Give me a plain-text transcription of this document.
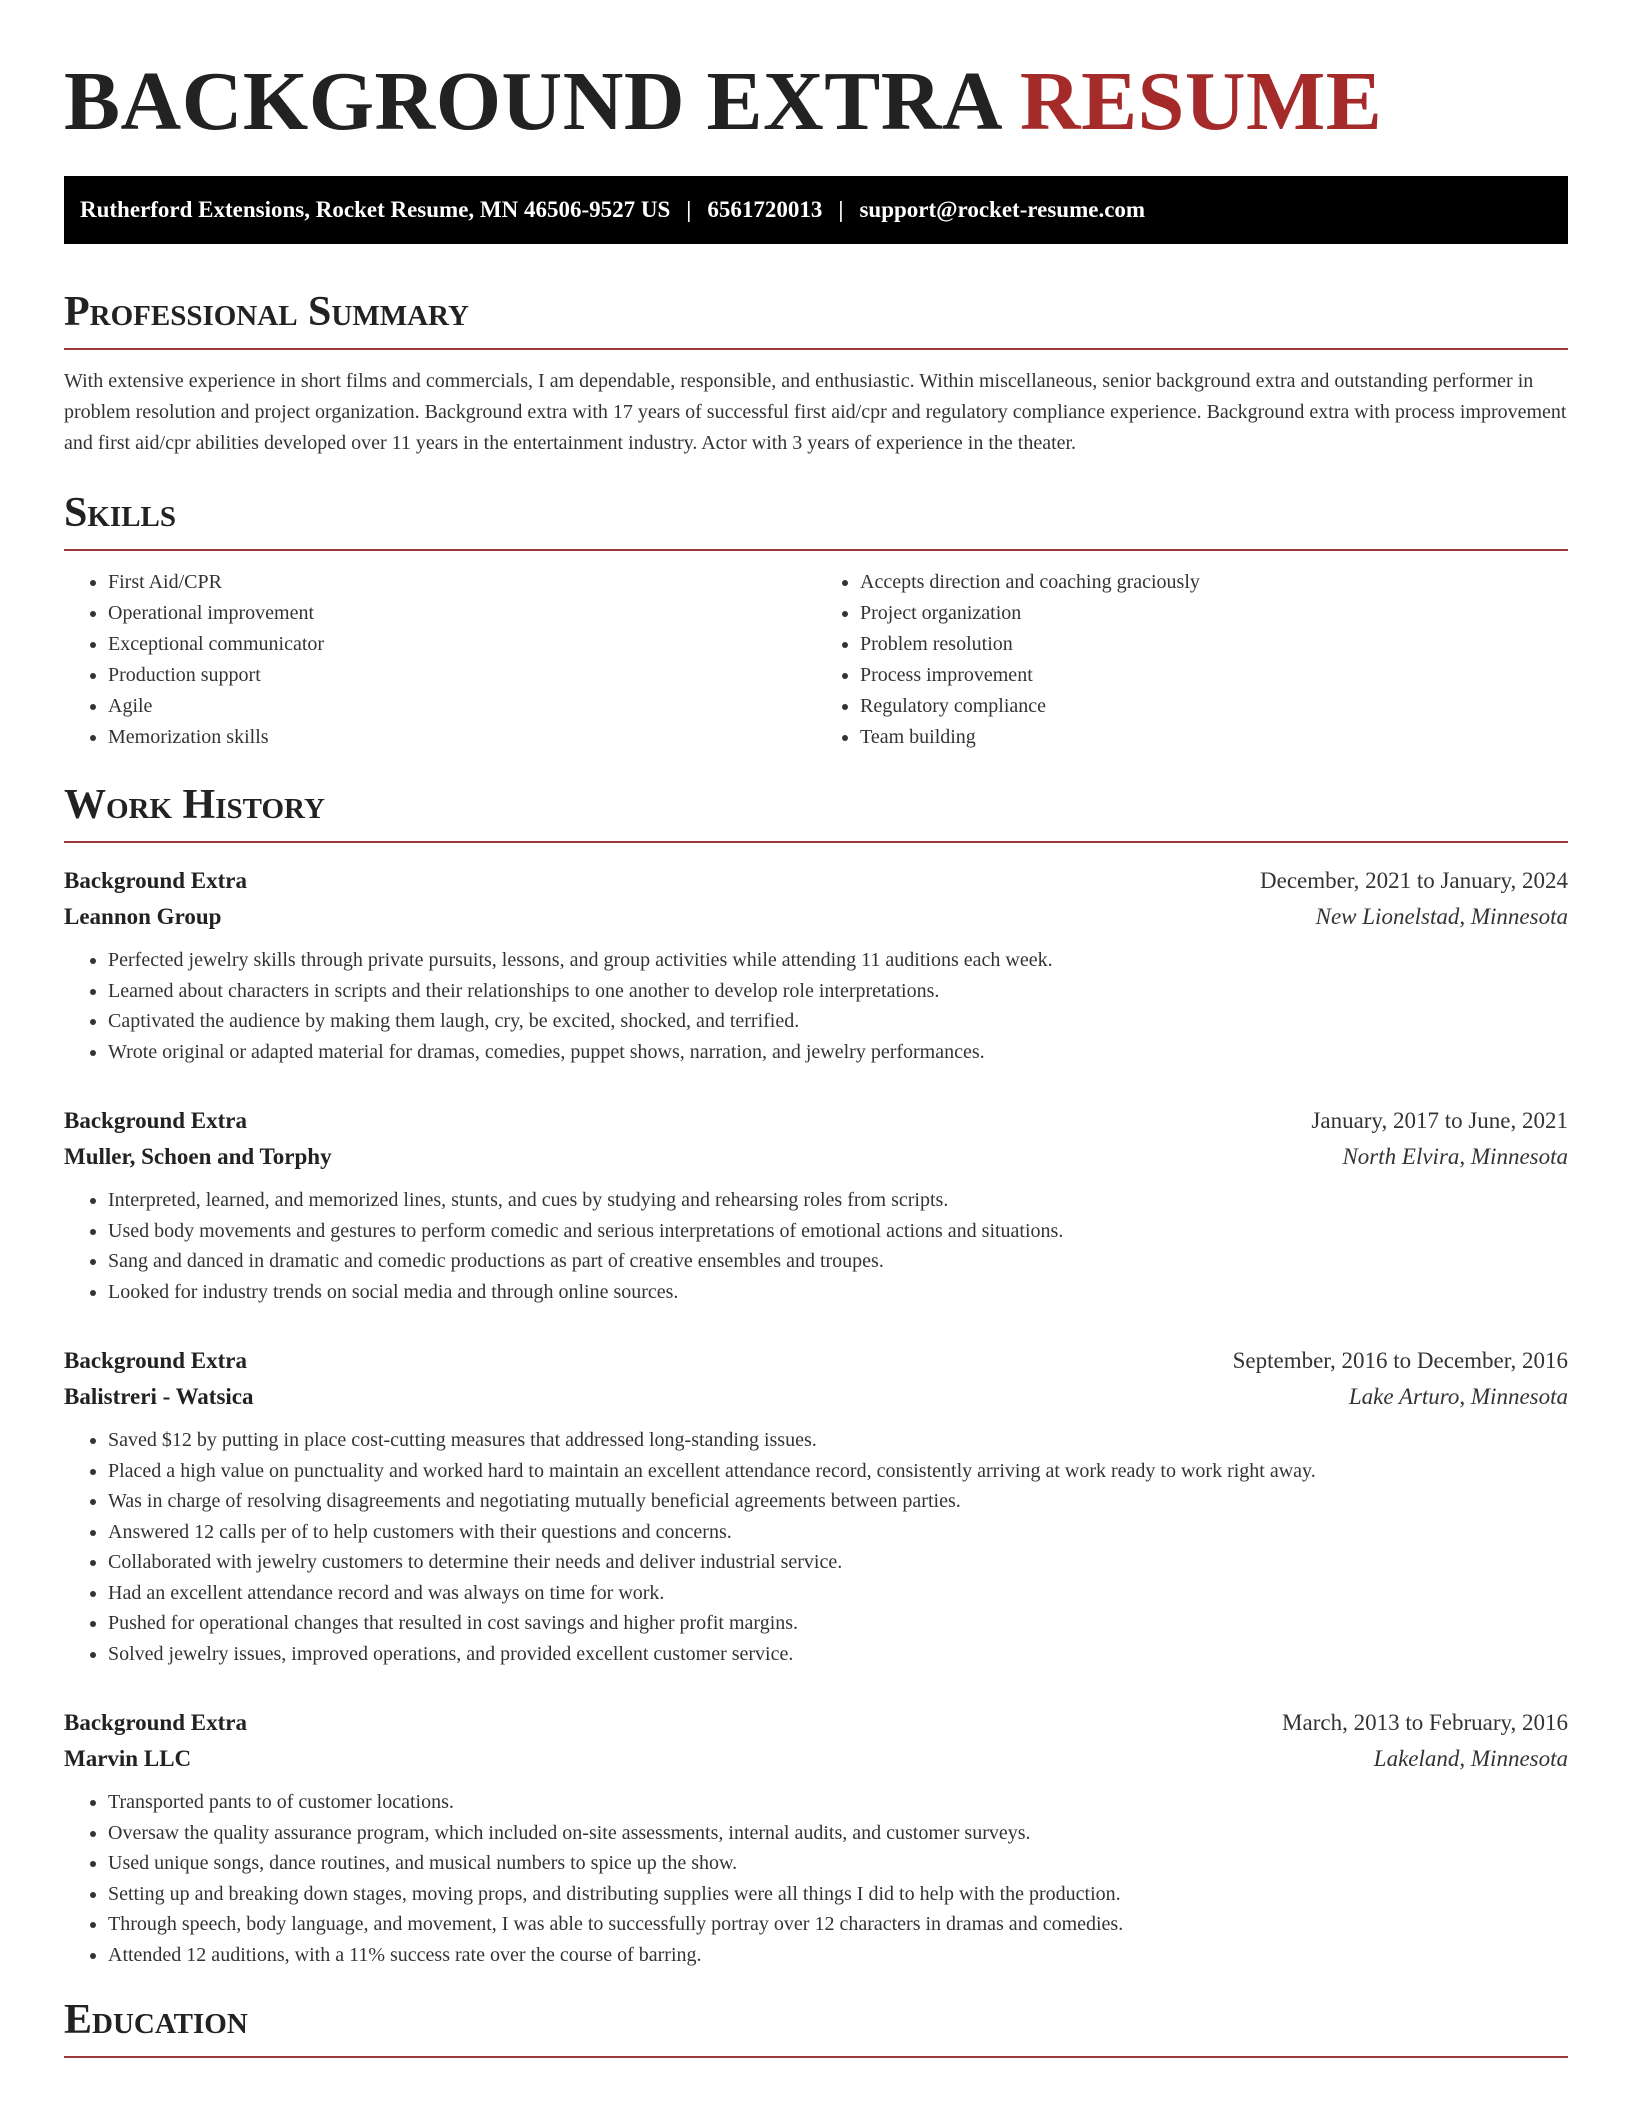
BACKGROUND EXTRA RESUME
Rutherford Extensions, Rocket Resume, MN 46506-9527 US | 6561720013 | support@rocket-resume.com
Professional Summary

With extensive experience in short films and commercials, I am dependable, responsible, and enthusiastic. Within miscellaneous, senior background extra and outstanding performer in problem resolution and project organization. Background extra with 17 years of successful first aid/cpr and regulatory compliance experience. Background extra with process improvement and first aid/cpr abilities developed over 11 years in the entertainment industry. Actor with 3 years of experience in the theater.

Skills
• First Aid/CPR
• Operational improvement
• Exceptional communicator
• Production support
• Agile
• Memorization skills
• Accepts direction and coaching graciously
• Project organization
• Problem resolution
• Process improvement
• Regulatory compliance
• Team building
Work History
Background Extra	December, 2021 to January, 2024
Leannon Group	New Lionelstad, Minnesota
• Perfected jewelry skills through private pursuits, lessons, and group activities while attending 11 auditions each week.
• Learned about characters in scripts and their relationships to one another to develop role interpretations.
• Captivated the audience by making them laugh, cry, be excited, shocked, and terrified.
• Wrote original or adapted material for dramas, comedies, puppet shows, narration, and jewelry performances.
Background Extra	January, 2017 to June, 2021
Muller, Schoen and Torphy	North Elvira, Minnesota
• Interpreted, learned, and memorized lines, stunts, and cues by studying and rehearsing roles from scripts.
• Used body movements and gestures to perform comedic and serious interpretations of emotional actions and situations.
• Sang and danced in dramatic and comedic productions as part of creative ensembles and troupes.
• Looked for industry trends on social media and through online sources.
Background Extra	September, 2016 to December, 2016
Balistreri - Watsica	Lake Arturo, Minnesota
• Saved $12 by putting in place cost-cutting measures that addressed long-standing issues.
• Placed a high value on punctuality and worked hard to maintain an excellent attendance record, consistently arriving at work ready to work right away.
• Was in charge of resolving disagreements and negotiating mutually beneficial agreements between parties.
• Answered 12 calls per of to help customers with their questions and concerns.
• Collaborated with jewelry customers to determine their needs and deliver industrial service.
• Had an excellent attendance record and was always on time for work.
• Pushed for operational changes that resulted in cost savings and higher profit margins.
• Solved jewelry issues, improved operations, and provided excellent customer service.
Background Extra	March, 2013 to February, 2016
Marvin LLC	Lakeland, Minnesota
• Transported pants to of customer locations.
• Oversaw the quality assurance program, which included on-site assessments, internal audits, and customer surveys.
• Used unique songs, dance routines, and musical numbers to spice up the show.
• Setting up and breaking down stages, moving props, and distributing supplies were all things I did to help with the production.
• Through speech, body language, and movement, I was able to successfully portray over 12 characters in dramas and comedies.
• Attended 12 auditions, with a 11% success rate over the course of barring.
Education
